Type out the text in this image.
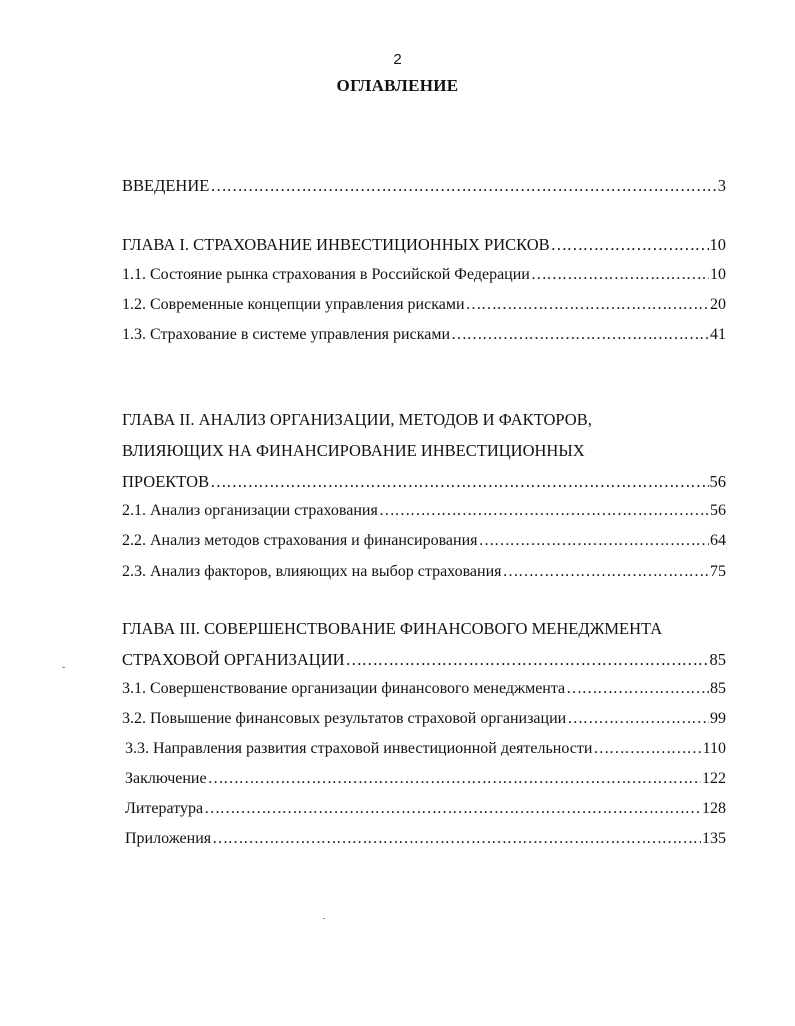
2
ОГЛАВЛЕНИЕ
ВВЕДЕНИЕ ………………………………………………………………………………………………………………………………………………………………	3
ГЛАВА I. СТРАХОВАНИЕ ИНВЕСТИЦИОННЫХ РИСКОВ ………………………………………………………………………………………………………………………………………………………………	10
1.1. Состояние рынка страхования в Российской Федерации ………………………………………………………………………………………………………………………………………………………………	10
1.2. Современные концепции управления рисками ………………………………………………………………………………………………………………………………………………………………	20
1.3. Страхование в системе управления рисками ………………………………………………………………………………………………………………………………………………………………	41
ГЛАВА II. АНАЛИЗ ОРГАНИЗАЦИИ, МЕТОДОВ И ФАКТОРОВ,
ВЛИЯЮЩИХ НА ФИНАНСИРОВАНИЕ ИНВЕСТИЦИОННЫХ
ПРОЕКТОВ ………………………………………………………………………………………………………………………………………………………………	56
2.1. Анализ организации страхования ………………………………………………………………………………………………………………………………………………………………	56
2.2. Анализ методов страхования и финансирования ………………………………………………………………………………………………………………………………………………………………	64
2.3. Анализ факторов, влияющих на выбор страхования ………………………………………………………………………………………………………………………………………………………………	75
ГЛАВА III. СОВЕРШЕНСТВОВАНИЕ ФИНАНСОВОГО МЕНЕДЖМЕНТА
СТРАХОВОЙ ОРГАНИЗАЦИИ ………………………………………………………………………………………………………………………………………………………………	85
3.1. Совершенствование организации финансового менеджмента ………………………………………………………………………………………………………………………………………………………………	85
3.2. Повышение финансовых результатов страховой организации ………………………………………………………………………………………………………………………………………………………………	99
3.3. Направления развития страховой инвестиционной деятельности ………………………………………………………………………………………………………………………………………………………………	110
Заключение ………………………………………………………………………………………………………………………………………………………………	122
Литература ………………………………………………………………………………………………………………………………………………………………	128
Приложения ………………………………………………………………………………………………………………………………………………………………	135
